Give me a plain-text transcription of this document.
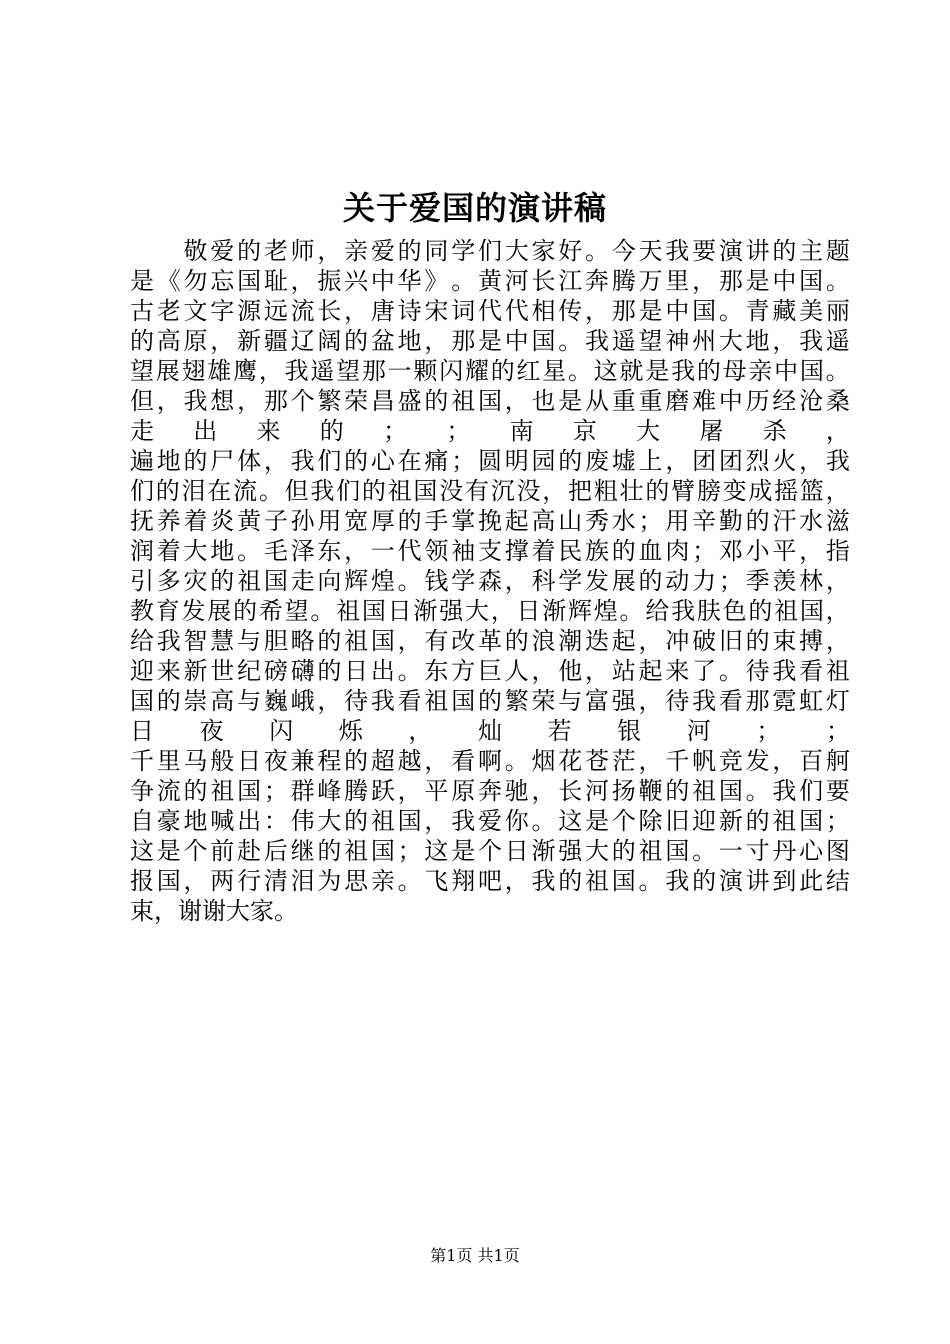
关于爱国的演讲稿

敬 爱 的 老 师 ， 亲 爱 的 同 学 们 大 家 好 。 今 天 我 要 演 讲 的 主 题
是 《 勿 忘 国 耻 ， 振 兴 中 华 》 。 黄 河 长 江 奔 腾 万 里 ， 那 是 中 国 。
古 老 文 字 源 远 流 长 ， 唐 诗 宋 词 代 代 相 传 ， 那 是 中 国 。 青 藏 美 丽
的 高 原 ， 新 疆 辽 阔 的 盆 地 ， 那 是 中 国 。 我 遥 望 神 州 大 地 ， 我 遥
望 展 翅 雄 鹰 ， 我 遥 望 那 一 颗 闪 耀 的 红 星 。 这 就 是 我 的 母 亲 中 国 。
但 ， 我 想 ， 那 个 繁 荣 昌 盛 的 祖 国 ， 也 是 从 重 重 磨 难 中 历 经 沧 桑
走 出 来 的 ； ； 南 京 大 屠 杀 ，
遍 地 的 尸 体 ， 我 们 的 心 在 痛 ； 圆 明 园 的 废 墟 上 ， 团 团 烈 火 ， 我
们 的 泪 在 流 。 但 我 们 的 祖 国 没 有 沉 没 ， 把 粗 壮 的 臂 膀 变 成 摇 篮 ，
抚 养 着 炎 黄 子 孙 用 宽 厚 的 手 掌 挽 起 高 山 秀 水 ； 用 辛 勤 的 汗 水 滋
润 着 大 地 。 毛 泽 东 ， 一 代 领 袖 支 撑 着 民 族 的 血 肉 ； 邓 小 平 ， 指
引 多 灾 的 祖 国 走 向 辉 煌 。 钱 学 森 ， 科 学 发 展 的 动 力 ； 季 羡 林 ，
教 育 发 展 的 希 望 。 祖 国 日 渐 强 大 ， 日 渐 辉 煌 。 给 我 肤 色 的 祖 国 ，
给 我 智 慧 与 胆 略 的 祖 国 ， 有 改 革 的 浪 潮 迭 起 ， 冲 破 旧 的 束 搏 ，
迎 来 新 世 纪 磅 礴 的 日 出 。 东 方 巨 人 ， 他 ， 站 起 来 了 。 待 我 看 祖
国 的 崇 高 与 巍 峨 ， 待 我 看 祖 国 的 繁 荣 与 富 强 ， 待 我 看 那 霓 虹 灯
日 夜 闪 烁 ， 灿 若 银 河 ； ；
千 里 马 般 日 夜 兼 程 的 超 越 ， 看 啊 。 烟 花 苍 茫 ， 千 帆 竞 发 ， 百 舸
争 流 的 祖 国 ； 群 峰 腾 跃 ， 平 原 奔 驰 ， 长 河 扬 鞭 的 祖 国 。 我 们 要
自 豪 地 喊 出 ： 伟 大 的 祖 国 ， 我 爱 你 。 这 是 个 除 旧 迎 新 的 祖 国 ；
这 是 个 前 赴 后 继 的 祖 国 ； 这 是 个 日 渐 强 大 的 祖 国 。 一 寸 丹 心 图
报 国 ， 两 行 清 泪 为 思 亲 。 飞 翔 吧 ， 我 的 祖 国 。 我 的 演 讲 到 此 结
束，谢谢大家。
第1页 共1页
